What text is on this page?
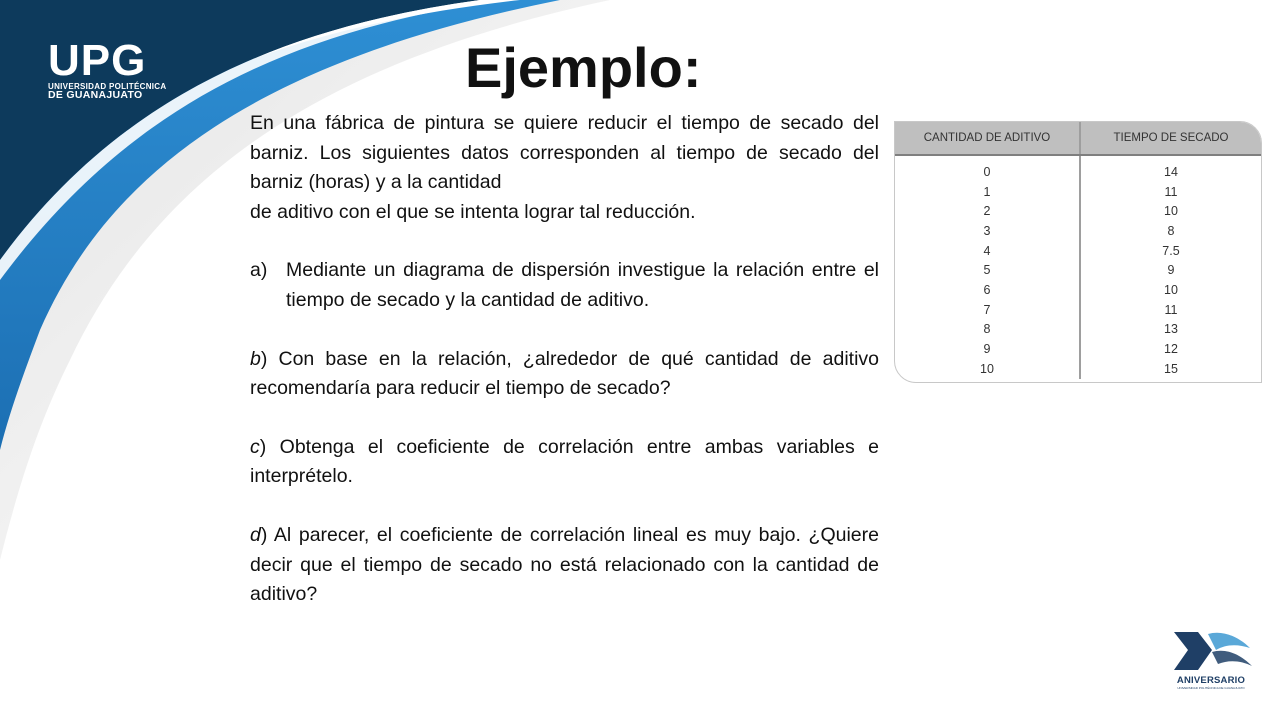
UPG
UNIVERSIDAD POLITÉCNICA
DE GUANAJUATO	Ejemplo:

En una fábrica de pintura se quiere reducir el tiempo de secado del barniz. Los siguientes datos corresponden al tiempo de secado del barniz (horas) y a la cantidad
de aditivo con el que se intenta lograr tal reducción.

a) Mediante un diagrama de dispersión investigue la relación entre el tiempo de secado y la cantidad de aditivo.

b) Con base en la relación, ¿alrededor de qué cantidad de aditivo recomendaría para reducir el tiempo de secado?

c) Obtenga el coeficiente de correlación entre ambas variables e interprételo.

d) Al parecer, el coeficiente de correlación lineal es muy bajo. ¿Quiere decir que el tiempo de secado no está relacionado con la cantidad de aditivo?

CANTIDAD DE ADITIVO	TIEMPO DE SECADO
0	14
1	11
2	10
3	8
4	7.5
5	9
6	10
7	11
8	13
9	12
10	15
ANIVERSARIO
UNIVERSIDAD POLITÉCNICA DE GUANAJUATO
